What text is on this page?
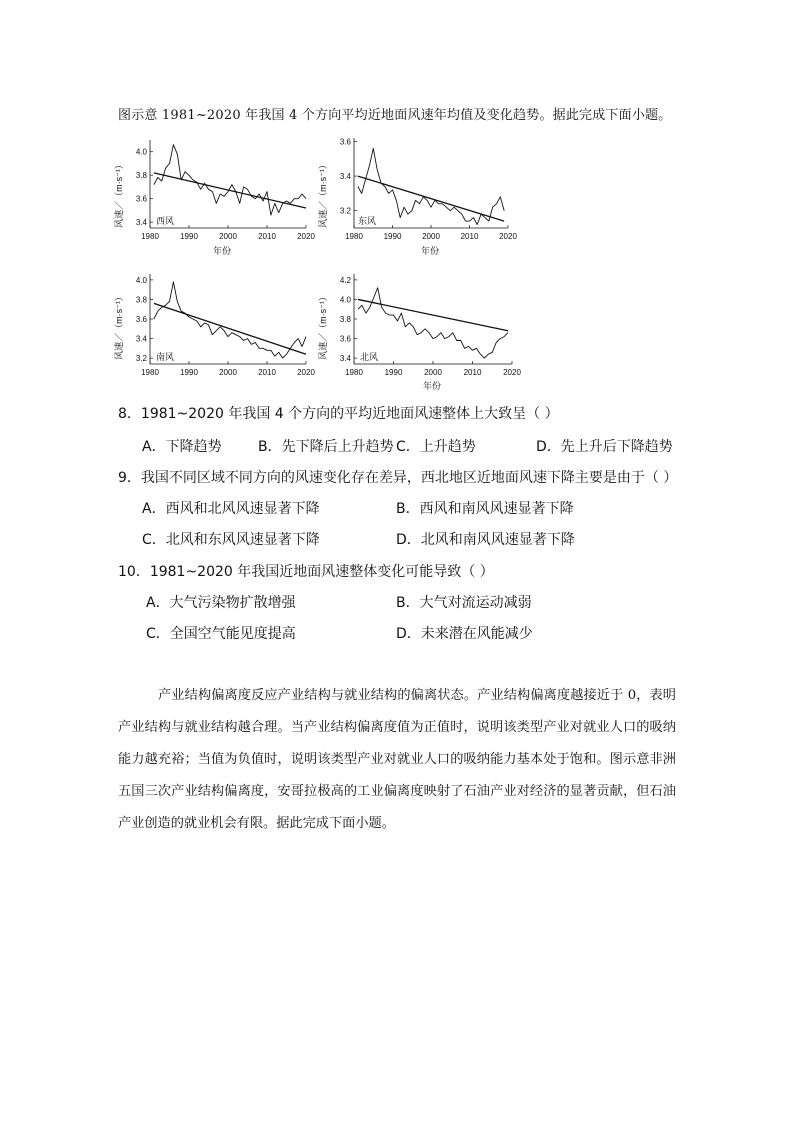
图示意 1981~2020 年我国 4 个方向平均近地面风速年均值及变化趋势。据此完成下面小题。
风速／（m·s⁻¹）
年份
西风
3.4
3.6
3.8
4.0
1980	1990	2000	2010	2020
风速／（m·s⁻¹）
年份
东风
3.2
3.4
3.6
1980	1990	2000	2010	2020
风速／（m·s⁻¹）	南风
3.2
3.4
3.6
3.8
4.0
1980	1990	2000	2010	2020
风速／（m·s⁻¹）
年份
北风
3.4
3.6
3.8
4.0
4.2
1980	1990	2000	2010	2020
8．1981~2020 年我国 4 个方向的平均近地面风速整体上大致呈（ ）
A．下降趋势	B．先下降后上升趋势 C．上升趋势	D．先上升后下降趋势
9．我国不同区域不同方向的风速变化存在差异，西北地区近地面风速下降主要是由于（ ）
A．西风和北风风速显著下降	B．西风和南风风速显著下降
C．北风和东风风速显著下降	D．北风和南风风速显著下降
10．1981~2020 年我国近地面风速整体变化可能导致（ ）
A．大气污染物扩散增强	B．大气对流运动减弱
C．全国空气能见度提高	D．未来潜在风能减少
产业结构偏离度反应产业结构与就业结构的偏离状态。产业结构偏离度越接近于 0，表明产业结构与就业结构越合理。当产业结构偏离度值为正值时，说明该类型产业对就业人口的吸纳能力越充裕；当值为负值时，说明该类型产业对就业人口的吸纳能力基本处于饱和。图示意非洲五国三次产业结构偏离度，安哥拉极高的工业偏离度映射了石油产业对经济的显著贡献，但石油产业创造的就业机会有限。据此完成下面小题。
